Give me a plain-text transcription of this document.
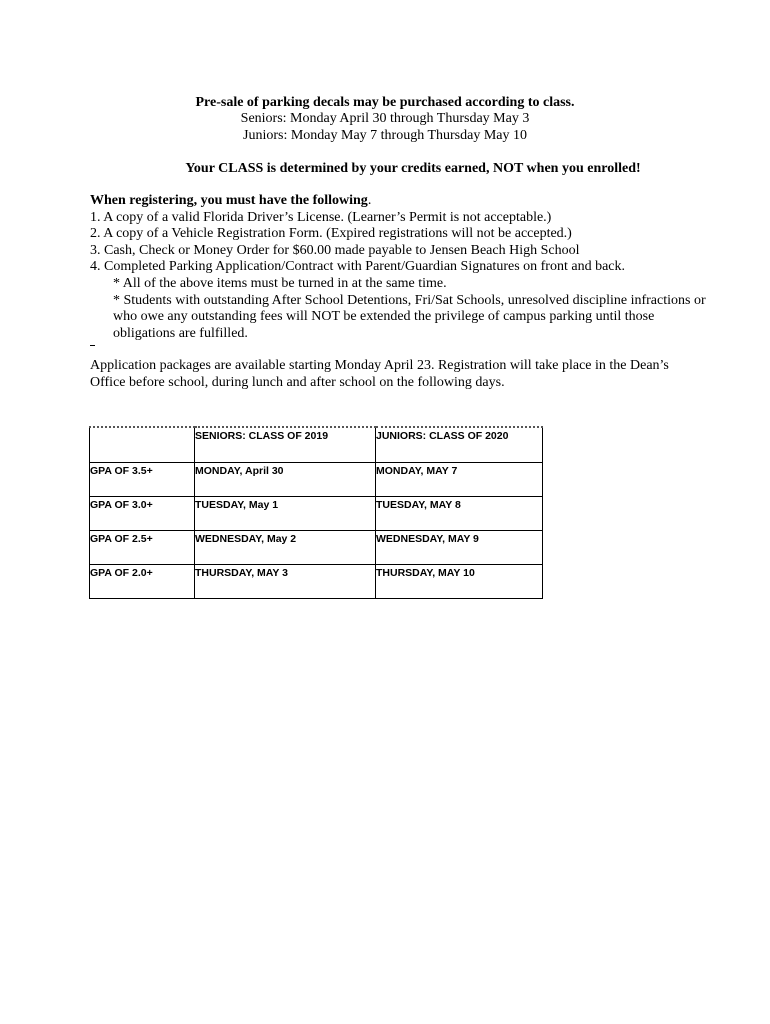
Pre-sale of parking decals may be purchased according to class.
Seniors: Monday April 30 through Thursday May 3
Juniors: Monday May 7 through Thursday May 10
Your CLASS is determined by your credits earned, NOT when you enrolled!
When registering, you must have the following.
1. A copy of a valid Florida Driver’s License. (Learner’s Permit is not acceptable.)
2. A copy of a Vehicle Registration Form. (Expired registrations will not be accepted.)
3. Cash, Check or Money Order for $60.00 made payable to Jensen Beach High School
4. Completed Parking Application/Contract with Parent/Guardian Signatures on front and back.
* All of the above items must be turned in at the same time.
* Students with outstanding After School Detentions, Fri/Sat Schools, unresolved discipline infractions or who owe any outstanding fees will NOT be extended the privilege of campus parking until those obligations are fulfilled.
Application packages are available starting Monday April 23. Registration will take place in the Dean’s Office before school, during lunch and after school on the following days.
	SENIORS: CLASS OF 2019	JUNIORS: CLASS OF 2020
GPA OF 3.5+	MONDAY, April 30	MONDAY, MAY 7
GPA OF 3.0+	TUESDAY, May 1	TUESDAY, MAY 8
GPA OF 2.5+	WEDNESDAY, May 2	WEDNESDAY, MAY 9
GPA OF 2.0+	THURSDAY, MAY 3	THURSDAY, MAY 10
